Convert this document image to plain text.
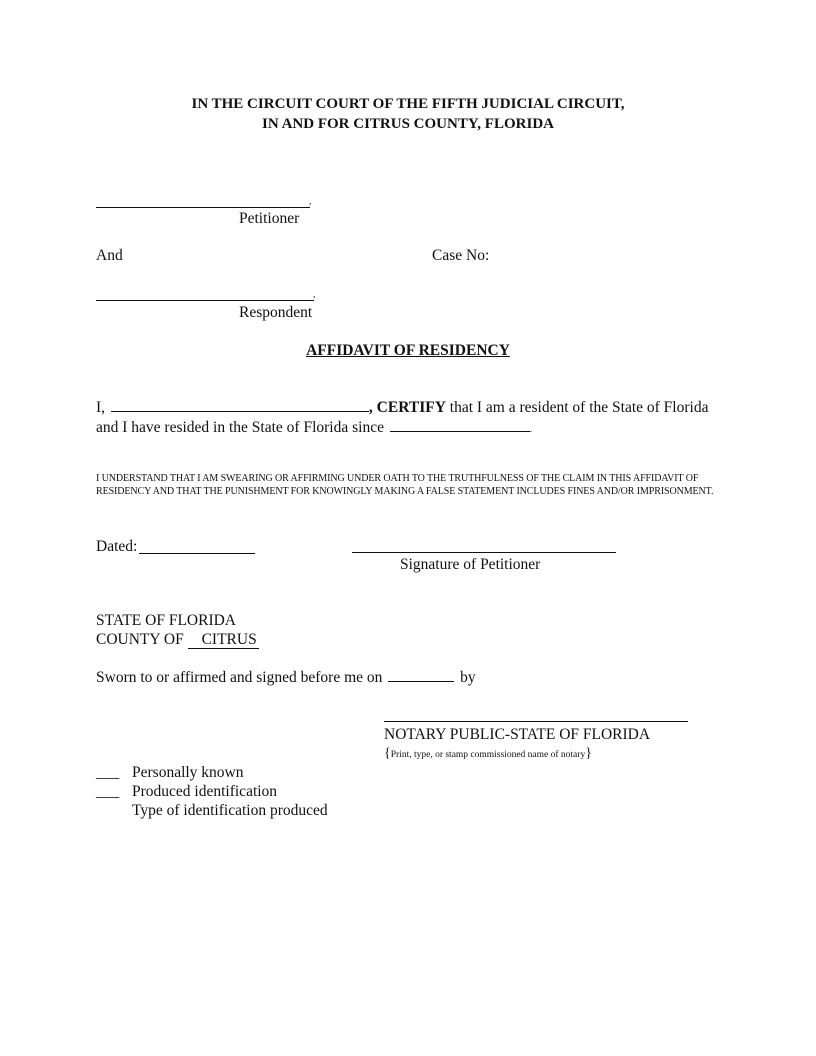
IN THE CIRCUIT COURT OF THE FIFTH JUDICIAL CIRCUIT,
IN AND FOR CITRUS COUNTY, FLORIDA
,
Petitioner
And	Case No:
,
Respondent
AFFIDAVIT OF RESIDENCY
I,	, CERTIFY that I am a resident of the State of Florida
and I have resided in the State of Florida since	.
I UNDERSTAND THAT I AM SWEARING OR AFFIRMING UNDER OATH TO THE TRUTHFULNESS OF THE CLAIM IN THIS AFFIDAVIT OF RESIDENCY AND THAT THE PUNISHMENT FOR KNOWINGLY MAKING A FALSE STATEMENT INCLUDES FINES AND/OR IMPRISONMENT.
Dated:
Signature of Petitioner
STATE OF FLORIDA
COUNTY OF CITRUS
Sworn to or affirmed and signed before me on	by
NOTARY PUBLIC-STATE OF FLORIDA
{Print, type, or stamp commissioned name of notary}
___ Personally known
___ Produced identification
Type of identification produced
